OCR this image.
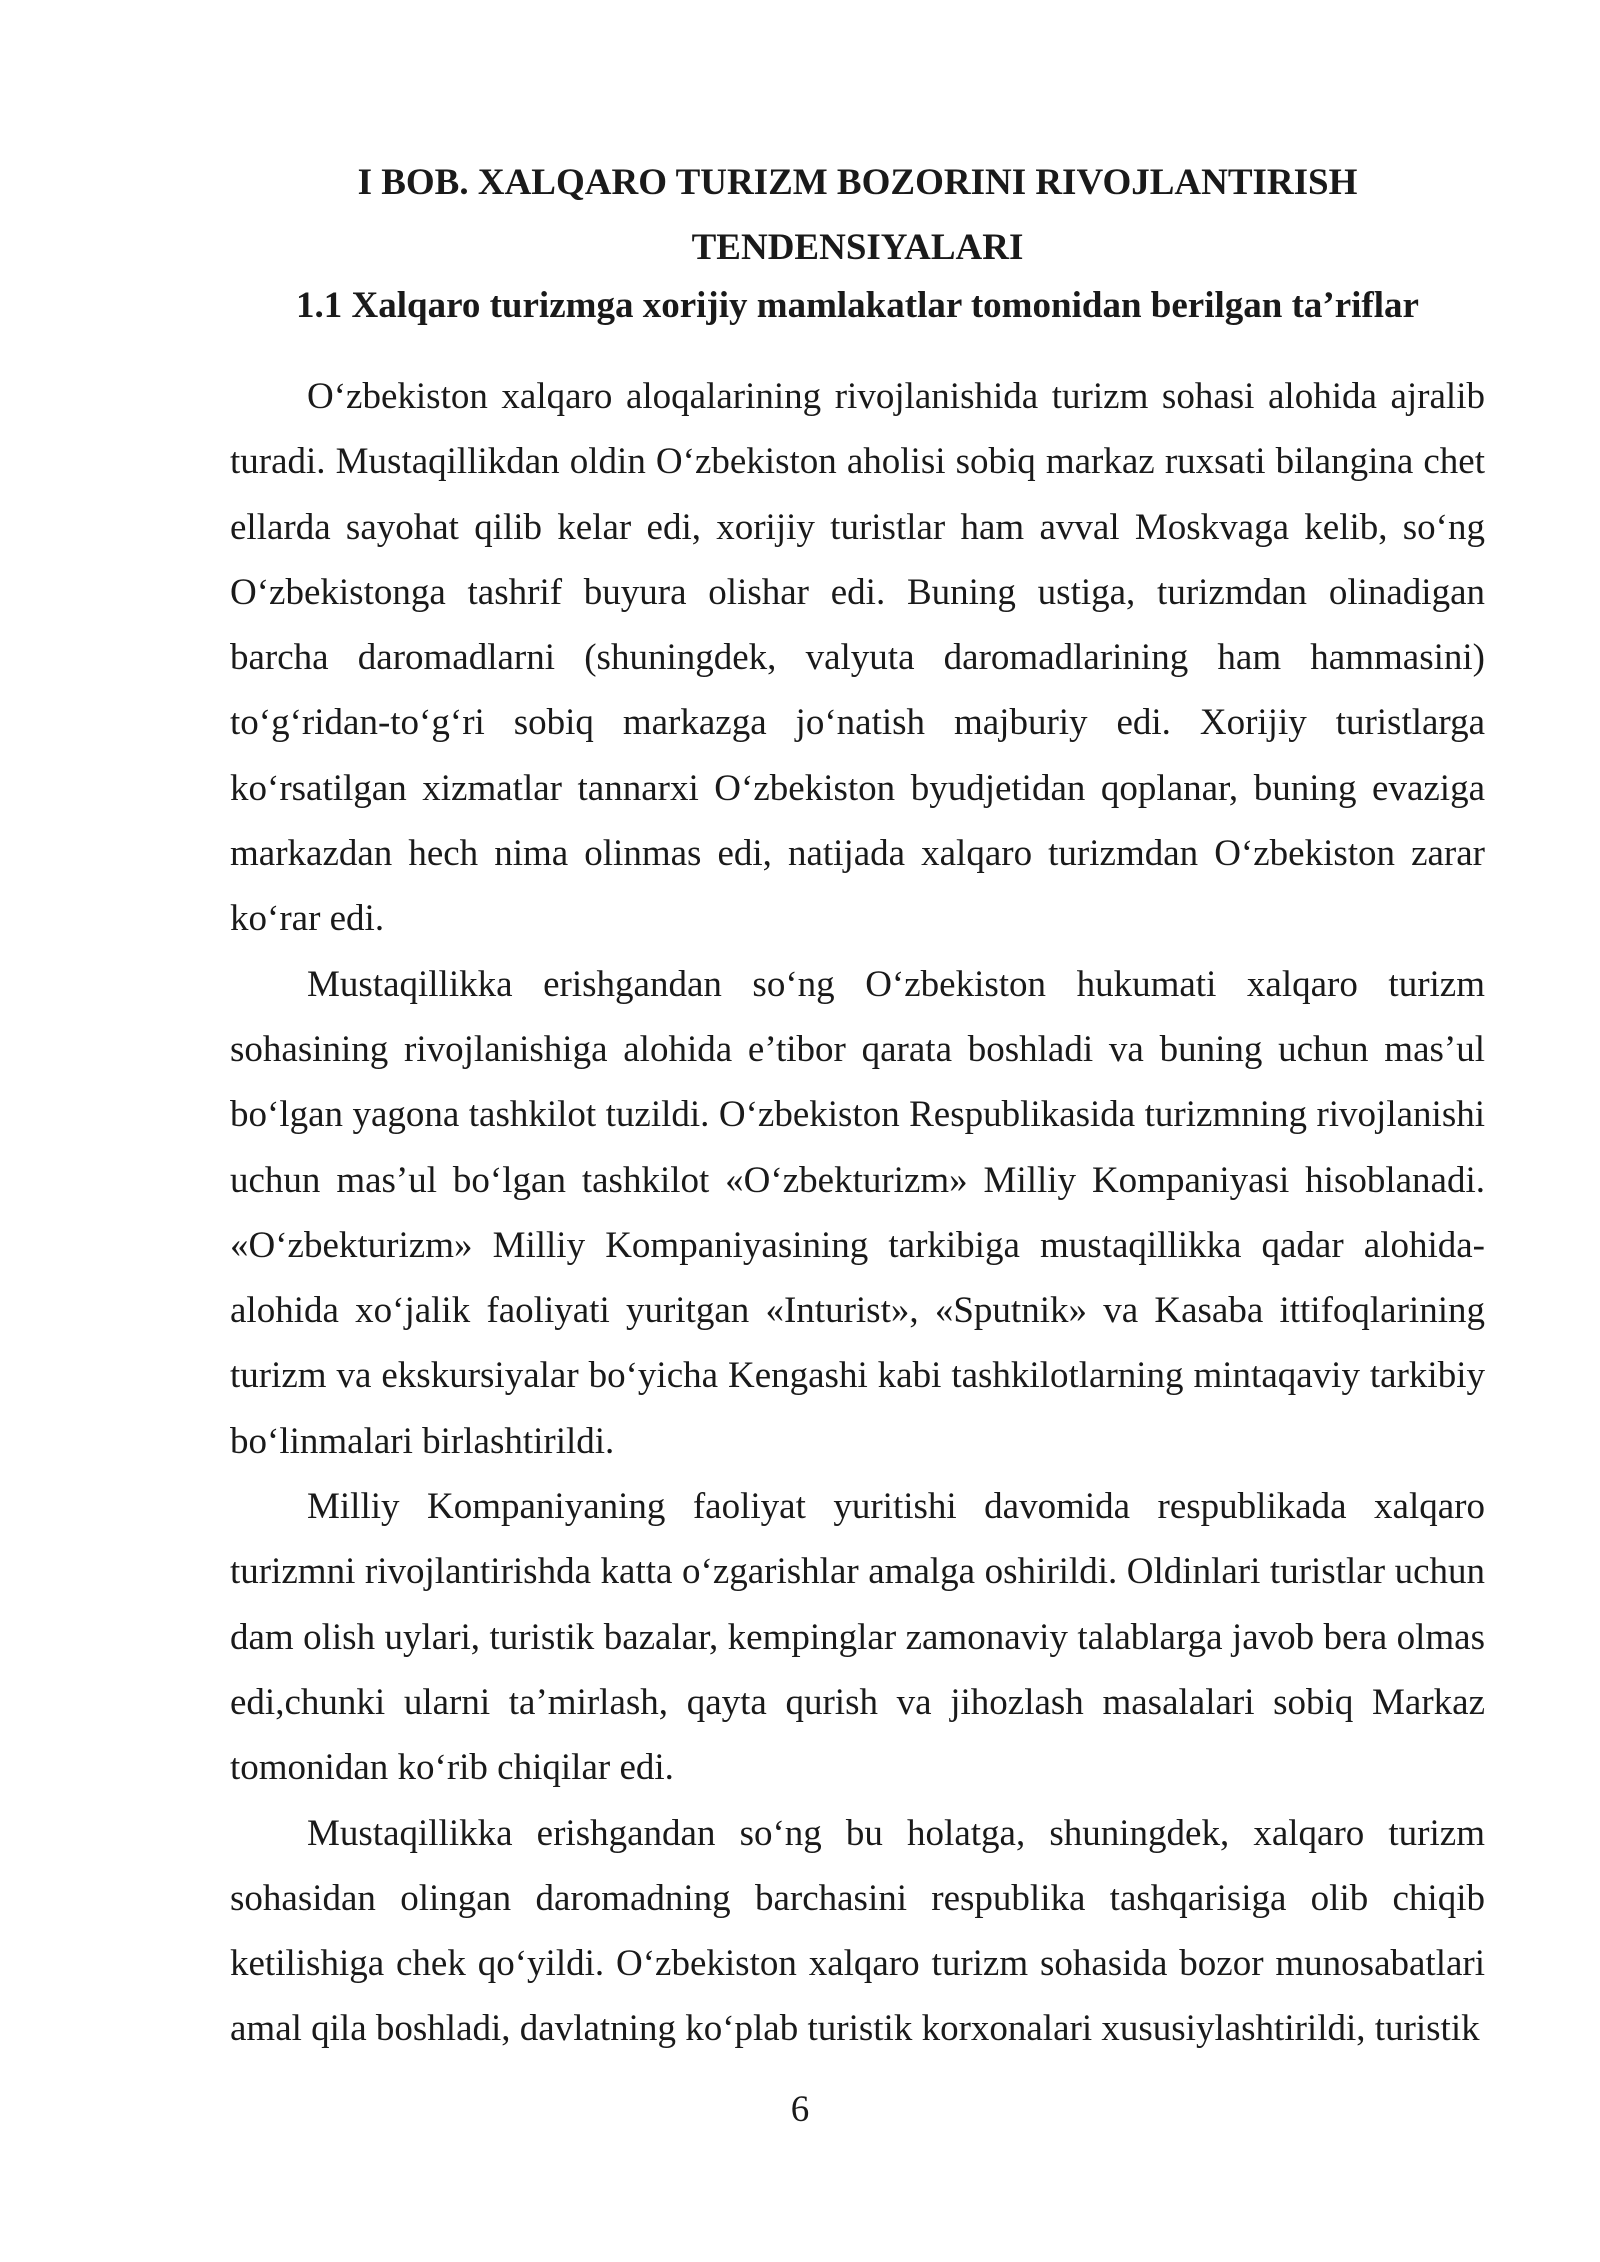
I BOB. XALQARO TURIZM BOZORINI RIVOJLANTIRISH
TENDENSIYALARI
1.1 Xalqaro turizmga xorijiy mamlakatlar tomonidan berilgan ta’riflar

O‘zbekiston xalqaro aloqalarining rivojlanishida turizm sohasi alohida ajralib turadi. Mustaqillikdan oldin O‘zbekiston aholisi sobiq markaz ruxsati bilangina chet ellarda sayohat qilib kelar edi, xorijiy turistlar ham avval Moskvaga kelib, so‘ng O‘zbekistonga tashrif buyura olishar edi. Buning ustiga, turizmdan olinadigan barcha daromadlarni (shuningdek, valyuta daromadlarining ham hammasini) to‘g‘ridan-to‘g‘ri sobiq markazga jo‘natish majburiy edi. Xorijiy turistlarga ko‘rsatilgan xizmatlar tannarxi O‘zbekiston byudjetidan qoplanar, buning evaziga markazdan hech nima olinmas edi, natijada xalqaro turizmdan O‘zbekiston zarar ko‘rar edi.

Mustaqillikka erishgandan so‘ng O‘zbekiston hukumati xalqaro turizm sohasining rivojlanishiga alohida e’tibor qarata boshladi va buning uchun mas’ul bo‘lgan yagona tashkilot tuzildi. O‘zbekiston Respublikasida turizmning rivojlanishi uchun mas’ul bo‘lgan tashkilot «O‘zbekturizm» Milliy Kompaniyasi hisoblanadi. «O‘zbekturizm» Milliy Kompaniyasining tarkibiga mustaqillikka qadar alohida-alohida xo‘jalik faoliyati yuritgan «Inturist», «Sputnik» va Kasaba ittifoqlarining turizm va ekskursiyalar bo‘yicha Kengashi kabi tashkilotlarning mintaqaviy tarkibiy bo‘linmalari birlashtirildi.

Milliy Kompaniyaning faoliyat yuritishi davomida respublikada xalqaro turizmni rivojlantirishda katta o‘zgarishlar amalga oshirildi. Oldinlari turistlar uchun dam olish uylari, turistik bazalar, kempinglar zamonaviy talablarga javob bera olmas edi,chunki ularni ta’mirlash, qayta qurish va jihozlash masalalari sobiq Markaz tomonidan ko‘rib chiqilar edi.

Mustaqillikka erishgandan so‘ng bu holatga, shuningdek, xalqaro turizm sohasidan olingan daromadning barchasini respublika tashqarisiga olib chiqib ketilishiga chek qo‘yildi. O‘zbekiston xalqaro turizm sohasida bozor munosabatlari amal qila boshladi, davlatning ko‘plab turistik korxonalari xususiylashtirildi, turistik

6
